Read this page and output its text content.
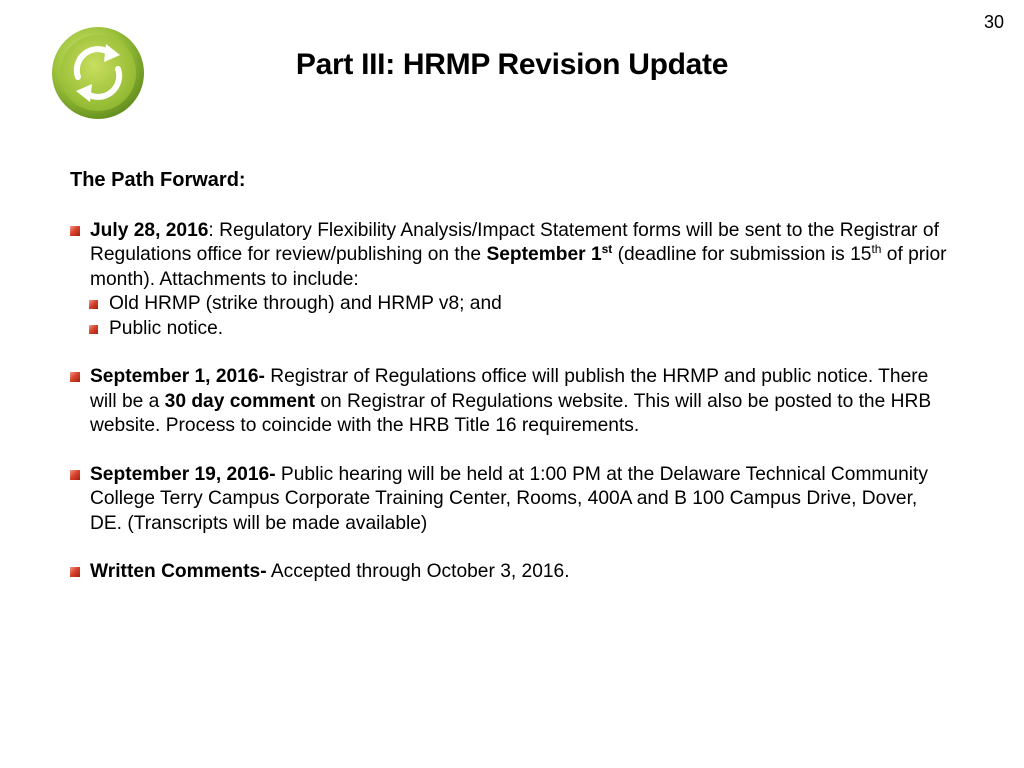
30
Part III: HRMP Revision Update
The Path Forward:
July 28, 2016: Regulatory Flexibility Analysis/Impact Statement forms will be sent to the Registrar of Regulations office for review/publishing on the September 1st (deadline for submission is 15th of prior month). Attachments to include:
Old HRMP (strike through) and HRMP v8; and
Public notice.
September 1, 2016- Registrar of Regulations office will publish the HRMP and public notice. There will be a 30 day comment on Registrar of Regulations website. This will also be posted to the HRB website. Process to coincide with the HRB Title 16 requirements.
September 19, 2016- Public hearing will be held at 1:00 PM at the Delaware Technical Community College Terry Campus Corporate Training Center, Rooms, 400A and B 100 Campus Drive, Dover, DE. (Transcripts will be made available)
Written Comments- Accepted through October 3, 2016.
